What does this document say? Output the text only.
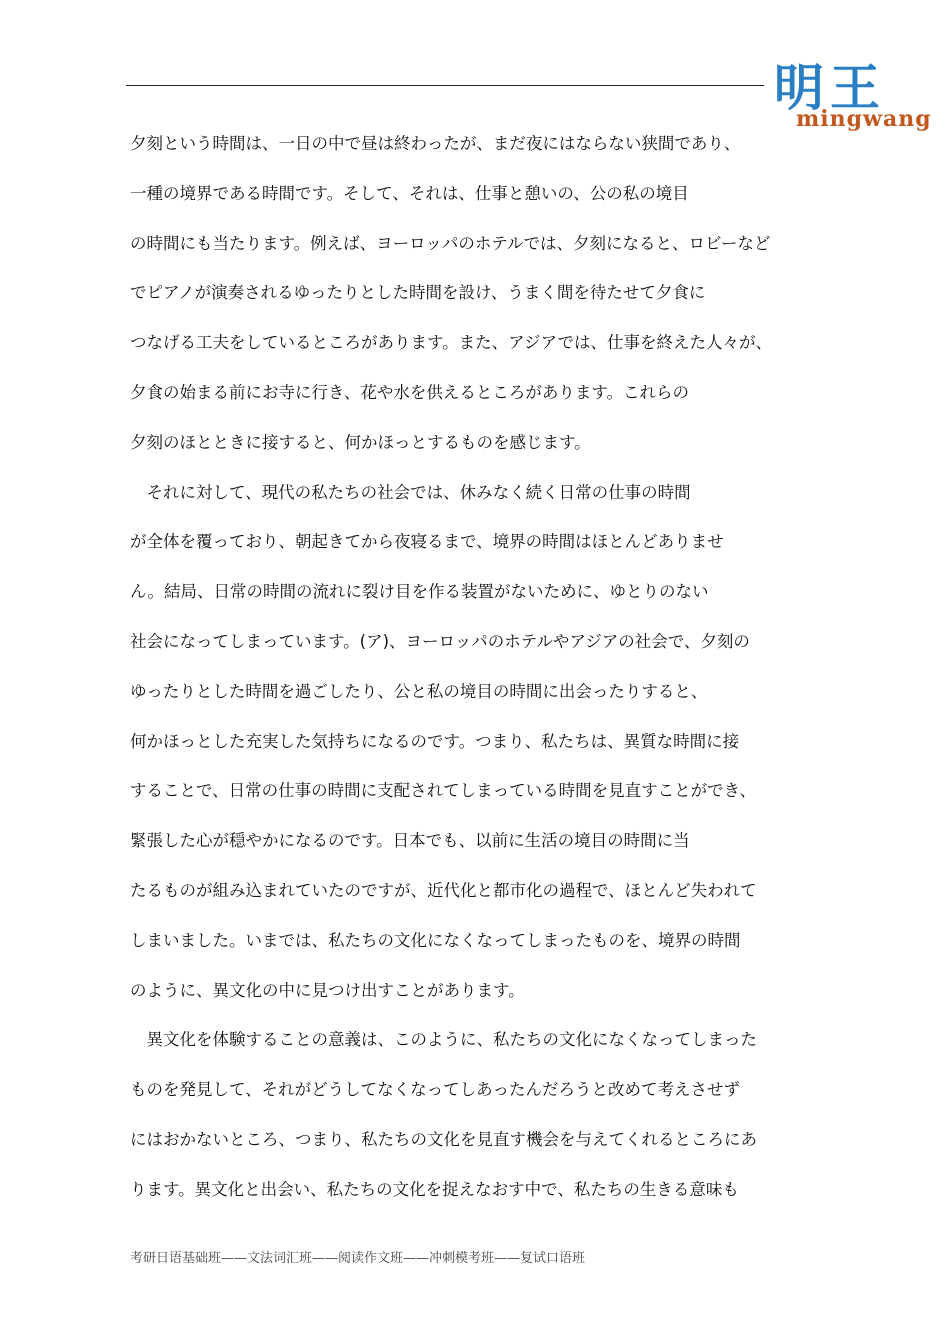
明王
mingwang
夕刻という時間は、一日の中で昼は終わったが、まだ夜にはならない狭間であり、
一種の境界である時間です。そして、それは、仕事と憩いの、公の私の境目
の時間にも当たります。例えば、ヨーロッパのホテルでは、夕刻になると、ロビーなど
でピアノが演奏されるゆったりとした時間を設け、うまく間を待たせて夕食に
つなげる工夫をしているところがあります。また、アジアでは、仕事を終えた人々が、
夕食の始まる前にお寺に行き、花や水を供えるところがあります。これらの
夕刻のほとときに接すると、何かほっとするものを感じます。
　それに対して、現代の私たちの社会では、休みなく続く日常の仕事の時間
が全体を覆っており、朝起きてから夜寝るまで、境界の時間はほとんどありませ
ん。結局、日常の時間の流れに裂け目を作る装置がないために、ゆとりのない
社会になってしまっています。(ア)、ヨーロッパのホテルやアジアの社会で、夕刻の
ゆったりとした時間を過ごしたり、公と私の境目の時間に出会ったりすると、
何かほっとした充実した気持ちになるのです。つまり、私たちは、異質な時間に接
することで、日常の仕事の時間に支配されてしまっている時間を見直すことができ、
緊張した心が穏やかになるのです。日本でも、以前に生活の境目の時間に当
たるものが組み込まれていたのですが、近代化と都市化の過程で、ほとんど失われて
しまいました。いまでは、私たちの文化になくなってしまったものを、境界の時間
のように、異文化の中に見つけ出すことがあります。
　異文化を体験することの意義は、このように、私たちの文化になくなってしまった
ものを発見して、それがどうしてなくなってしあったんだろうと改めて考えさせず
にはおかないところ、つまり、私たちの文化を見直す機会を与えてくれるところにあ
ります。異文化と出会い、私たちの文化を捉えなおす中で、私たちの生きる意味も
考研日语基础班——文法词汇班——阅读作文班——冲刺模考班——复试口语班
